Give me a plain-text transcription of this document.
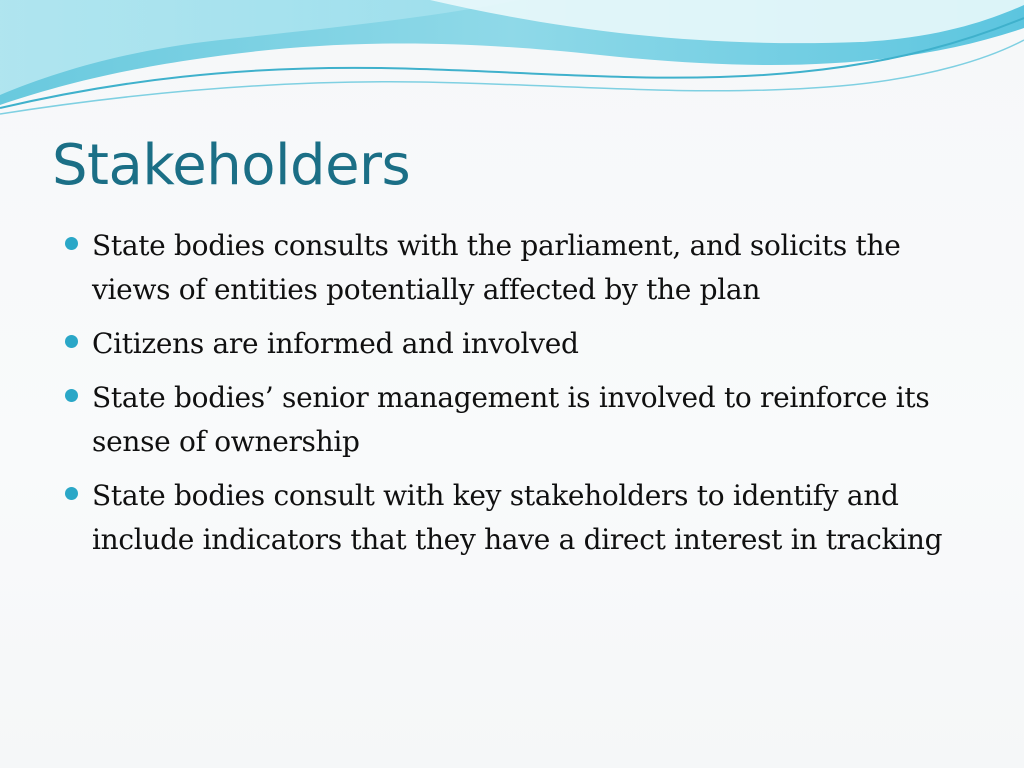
Stakeholders
State bodies consults with the parliament, and solicits the views of entities potentially affected by the plan
Citizens are informed and involved
State bodies’ senior management is involved to reinforce its sense of ownership
State bodies consult with key stakeholders to identify and include indicators that they have a direct interest in tracking
